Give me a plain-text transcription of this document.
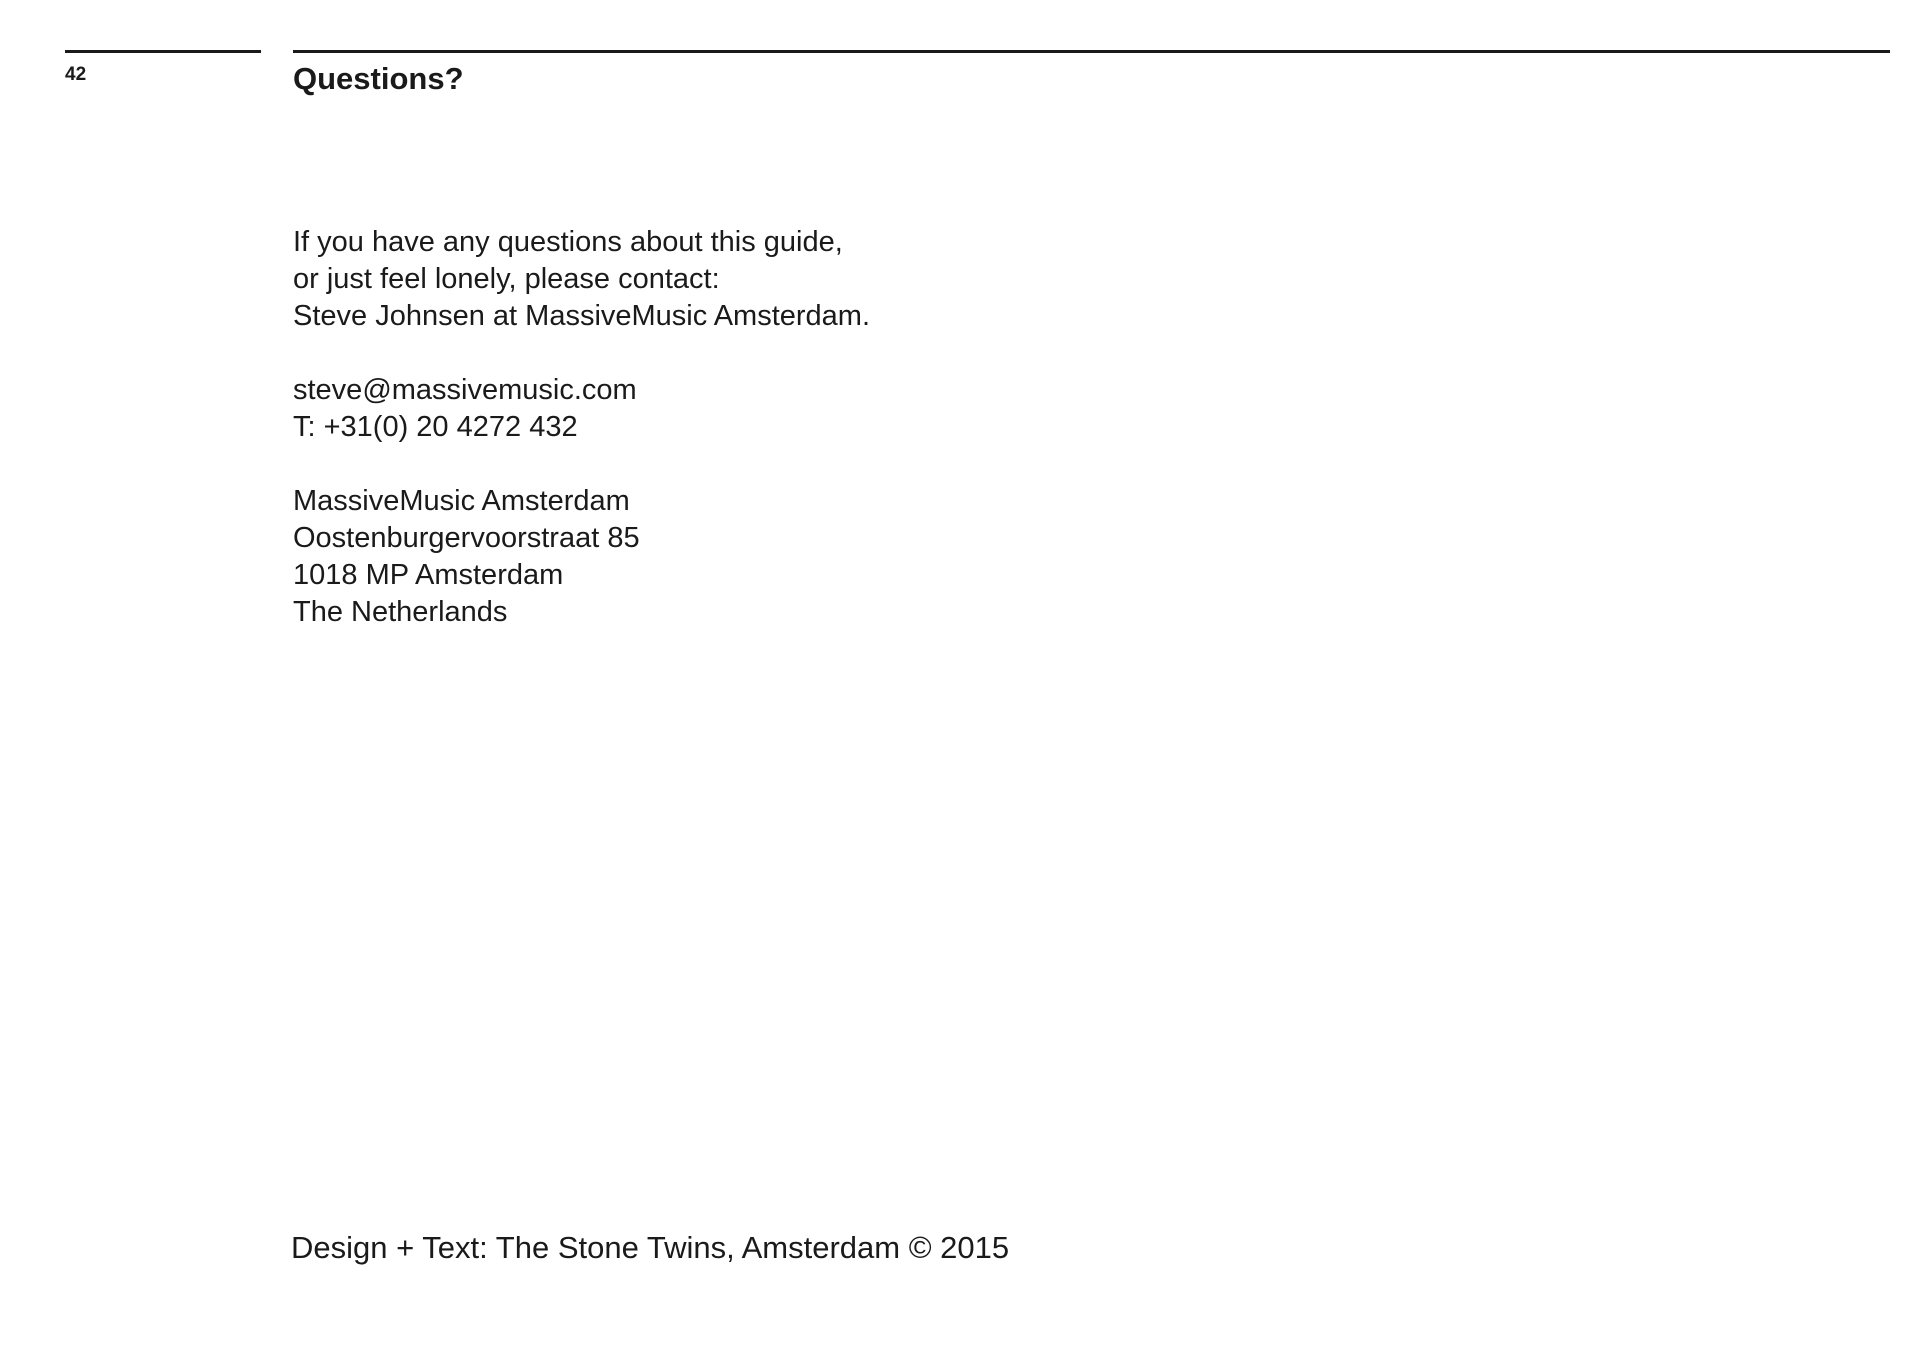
42	Questions?

If you have any questions about this guide,
or just feel lonely, please contact:
Steve Johnsen at MassiveMusic Amsterdam.

steve@massivemusic.com
T: +31(0) 20 4272 432

MassiveMusic Amsterdam
Oostenburgervoorstraat 85
1018 MP Amsterdam
The Netherlands

Design + Text: The Stone Twins, Amsterdam © 2015
